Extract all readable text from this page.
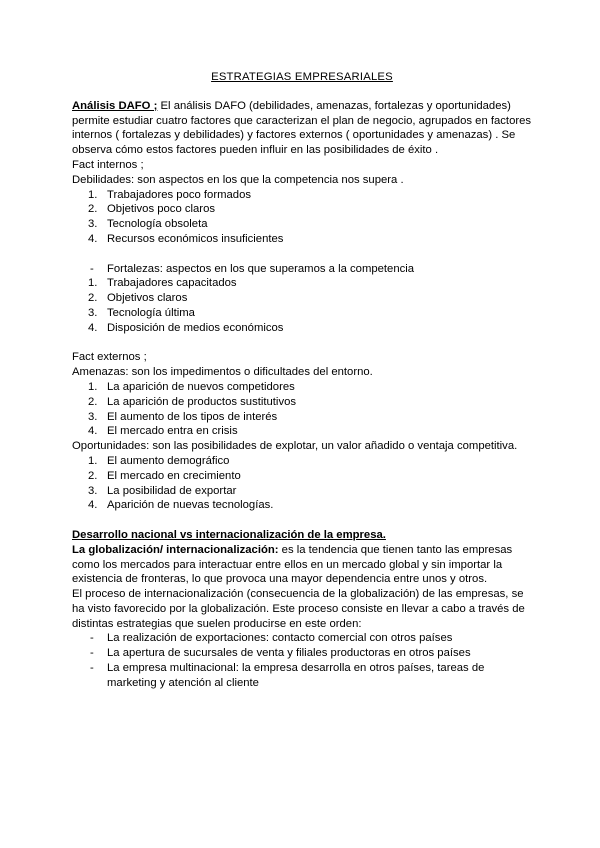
ESTRATEGIAS EMPRESARIALES

Análisis DAFO ; El análisis DAFO (debilidades, amenazas, fortalezas y oportunidades) permite estudiar cuatro factores que caracterizan el plan de negocio, agrupados en factores internos ( fortalezas y debilidades) y factores externos ( oportunidades y amenazas) . Se observa cómo estos factores pueden influir en las posibilidades de éxito .

Fact internos ;

Debilidades: son aspectos en los que la competencia nos supera .

1. Trabajadores poco formados
2. Objetivos poco claros
3. Tecnología obsoleta
4. Recursos económicos insuficientes
- Fortalezas: aspectos en los que superamos a la competencia
1. Trabajadores capacitados
2. Objetivos claros
3. Tecnología última
4. Disposición de medios económicos

Fact externos ;

Amenazas: son los impedimentos o dificultades del entorno.

1. La aparición de nuevos competidores
2. La aparición de productos sustitutivos
3. El aumento de los tipos de interés
4. El mercado entra en crisis

Oportunidades: son las posibilidades de explotar, un valor añadido o ventaja competitiva.

1. El aumento demográfico
2. El mercado en crecimiento
3. La posibilidad de exportar
4. Aparición de nuevas tecnologías.

Desarrollo nacional vs internacionalización de la empresa.

La globalización/ internacionalización: es la tendencia que tienen tanto las empresas como los mercados para interactuar entre ellos en un mercado global y sin importar la existencia de fronteras, lo que provoca una mayor dependencia entre unos y otros.

El proceso de internacionalización (consecuencia de la globalización) de las empresas, se ha visto favorecido por la globalización. Este proceso consiste en llevar a cabo a través de distintas estrategias que suelen producirse en este orden:

- La realización de exportaciones: contacto comercial con otros países
- La apertura de sucursales de venta y filiales productoras en otros países
- La empresa multinacional: la empresa desarrolla en otros países, tareas de marketing y atención al cliente
